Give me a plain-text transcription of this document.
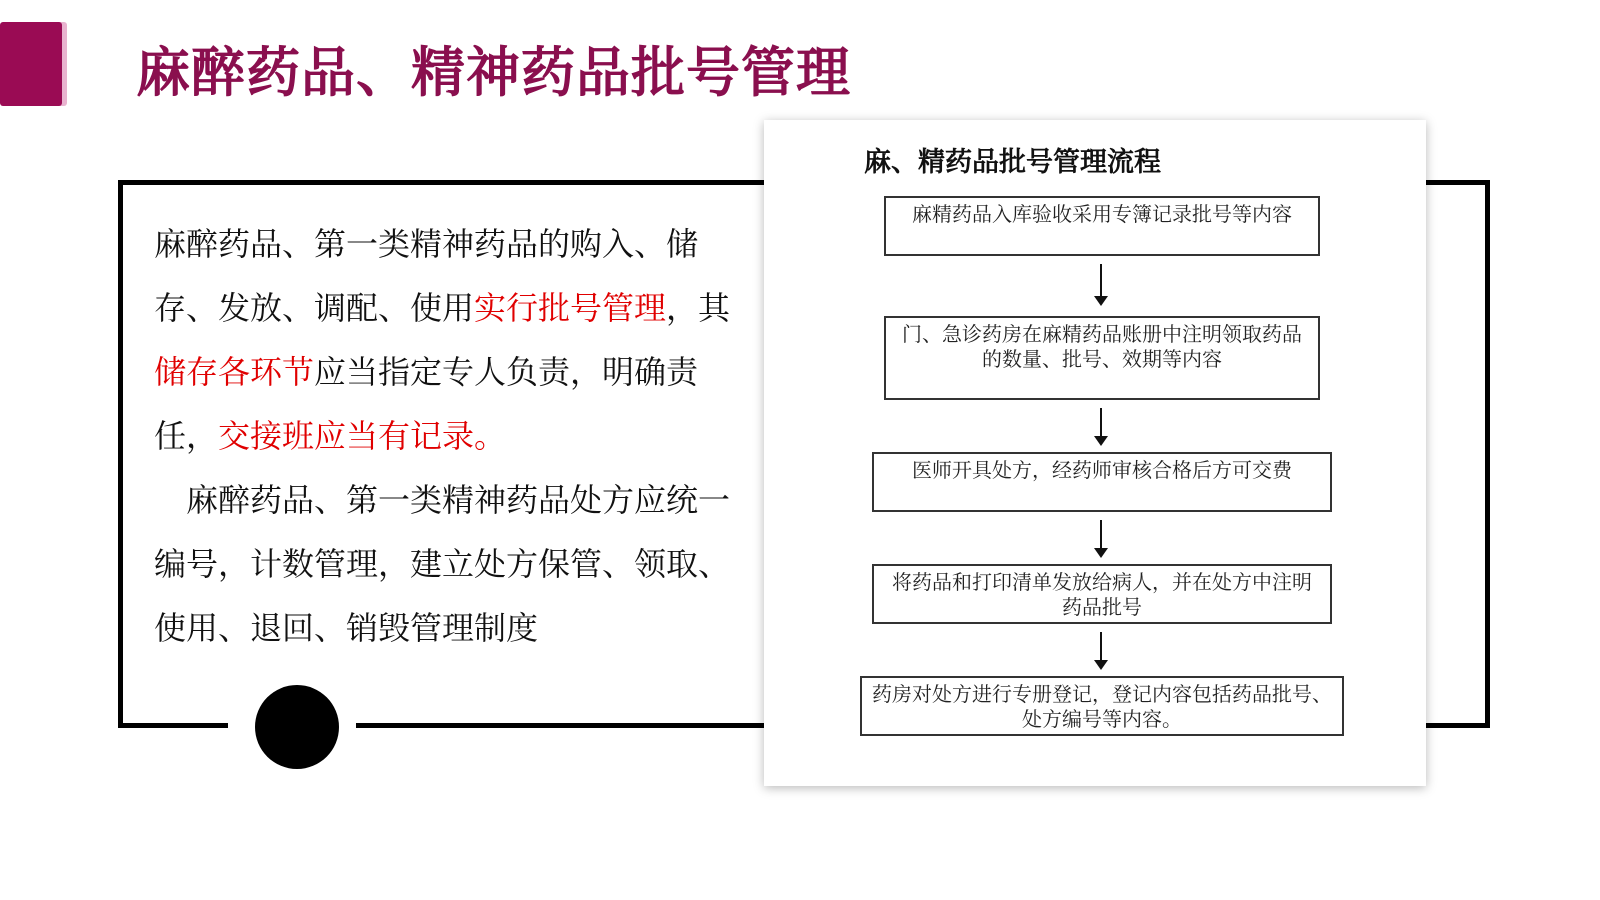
麻醉药品、精神药品批号管理

麻醉药品、第一类精神药品的购入、储存、发放、调配、使用实行批号管理，其储存各环节应当指定专人负责，明确责任，交接班应当有记录。

　麻醉药品、第一类精神药品处方应统一编号，计数管理，建立处方保管、领取、使用、退回、销毁管理制度

麻、精药品批号管理流程
麻精药品入库验收采用专簿记录批号等内容
门、急诊药房在麻精药品账册中注明领取药品的数量、批号、效期等内容
医师开具处方，经药师审核合格后方可交费
将药品和打印清单发放给病人，并在处方中注明药品批号
药房对处方进行专册登记，登记内容包括药品批号、处方编号等内容。
